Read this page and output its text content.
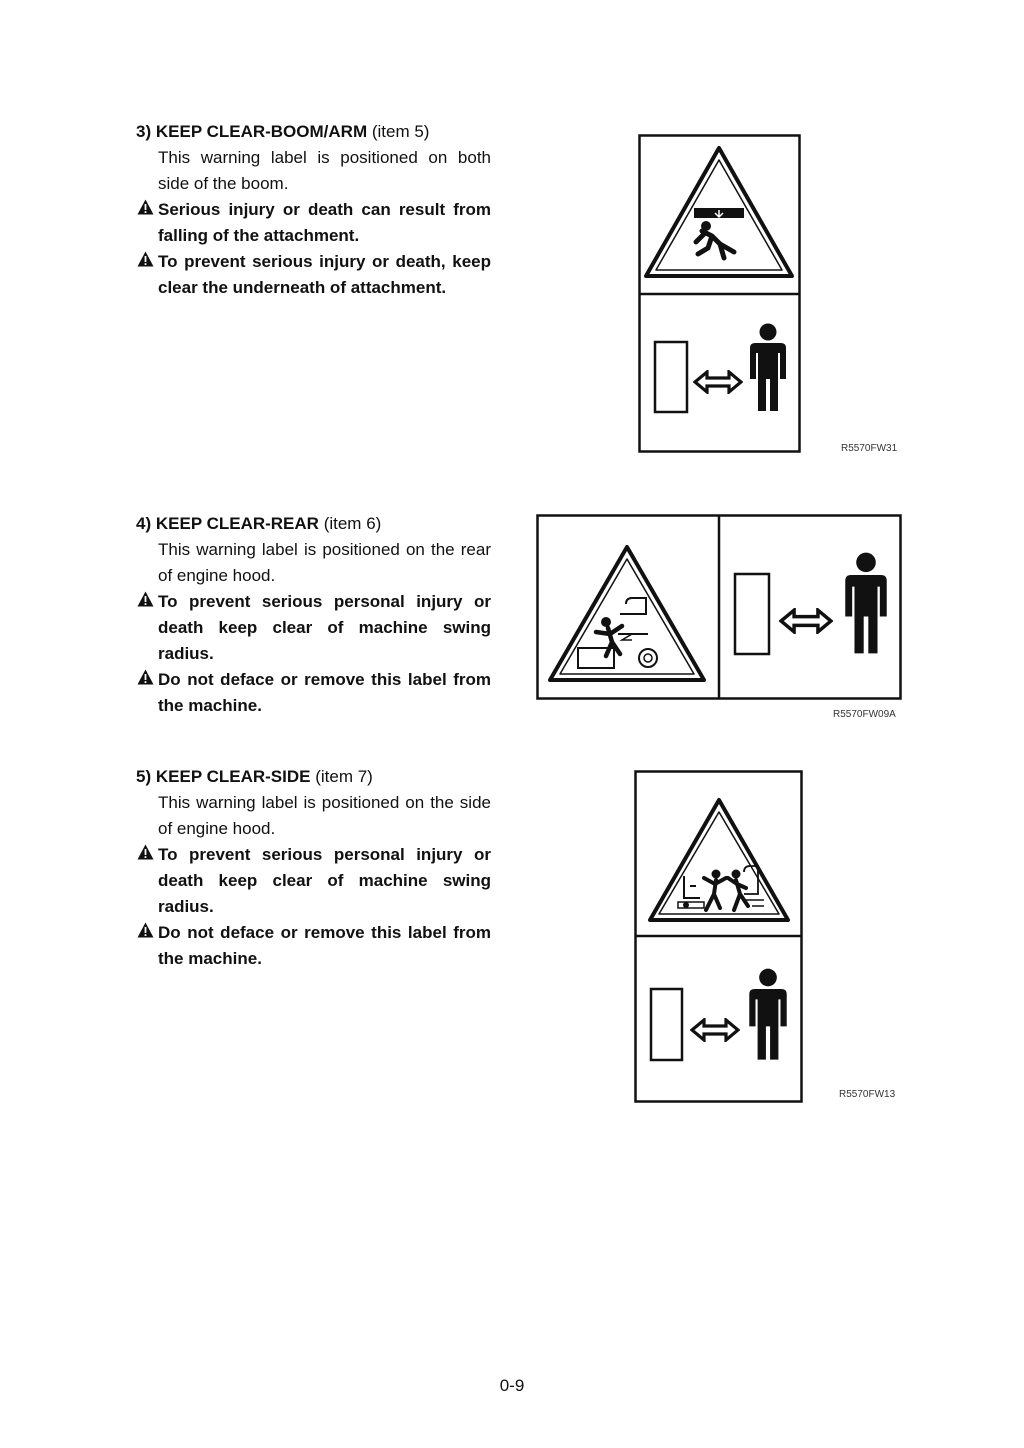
3) KEEP CLEAR-BOOM/ARM (item 5)
This warning label is positioned on both side of the boom.
Serious injury or death can result from falling of the attachment.
To prevent serious injury or death, keep clear the underneath of attachment.
R5570FW31
4) KEEP CLEAR-REAR (item 6)
This warning label is positioned on the rear of engine hood.
To prevent serious personal injury or death keep clear of machine swing radius.
Do not deface or remove this label from the machine.	R5570FW09A
5) KEEP CLEAR-SIDE (item 7)
This warning label is positioned on the side of engine hood.
To prevent serious personal injury or death keep clear of machine swing radius.
Do not deface or remove this label from the machine.
R5570FW13
0-9
